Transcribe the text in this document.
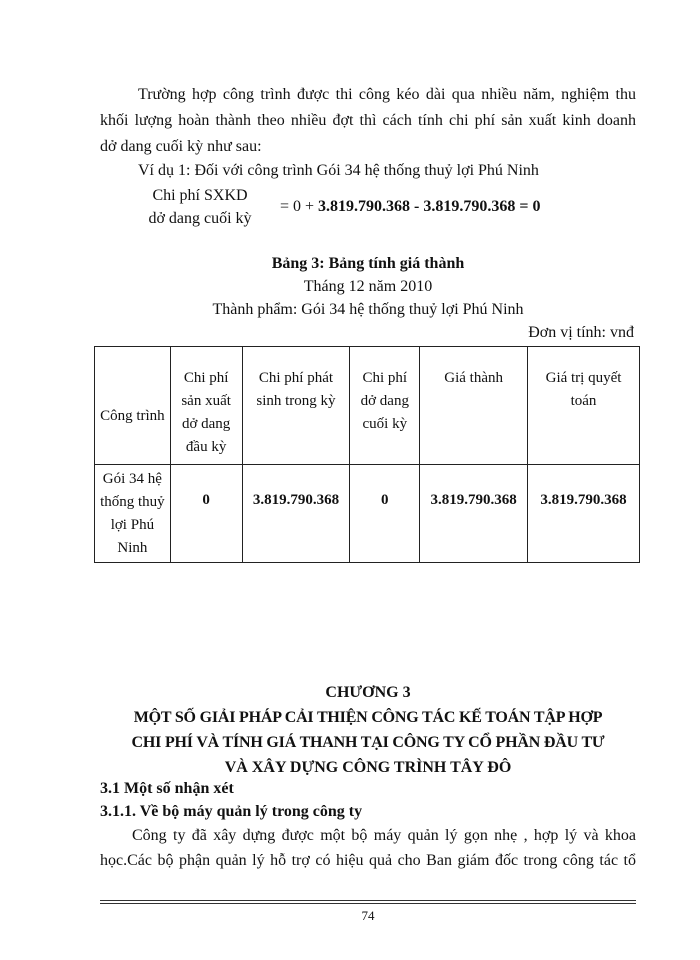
Trường hợp công trình được thi công kéo dài qua nhiều năm, nghiệm thu
khối lượng hoàn thành theo nhiều đợt thì cách tính chi phí sản xuất kinh doanh
dở dang cuối kỳ như sau:
Ví dụ 1: Đối với công trình Gói 34 hệ thống thuỷ lợi Phú Ninh
Chi phí SXKD
dở dang cuối kỳ
= 0 + 3.819.790.368 - 3.819.790.368 = 0
Bảng 3: Bảng tính giá thành
Tháng 12 năm 2010
Thành phẩm: Gói 34 hệ thống thuỷ lợi Phú Ninh
Đơn vị tính: vnđ
Công trình	Chi phí sản xuất dở dang đầu kỳ	Chi phí phát sinh trong kỳ	Chi phí dở dang cuối kỳ	Giá thành	Giá trị quyết toán
Gói 34 hệ thống thuỷ lợi Phú Ninh	0	3.819.790.368	0	3.819.790.368	3.819.790.368
CHƯƠNG 3
MỘT SỐ GIẢI PHÁP CẢI THIỆN CÔNG TÁC KẾ TOÁN TẬP HỢP
CHI PHÍ VÀ TÍNH GIÁ THANH TẠI CÔNG TY CỔ PHẦN ĐẦU TƯ
VÀ XÂY DỰNG CÔNG TRÌNH TÂY ĐÔ
3.1 Một số nhận xét
3.1.1. Về bộ máy quản lý trong công ty
Công ty đã xây dựng được một bộ máy quản lý gọn nhẹ , hợp lý và khoa
học.Các bộ phận quản lý hỗ trợ có hiệu quả cho Ban giám đốc trong công tác tổ
74
